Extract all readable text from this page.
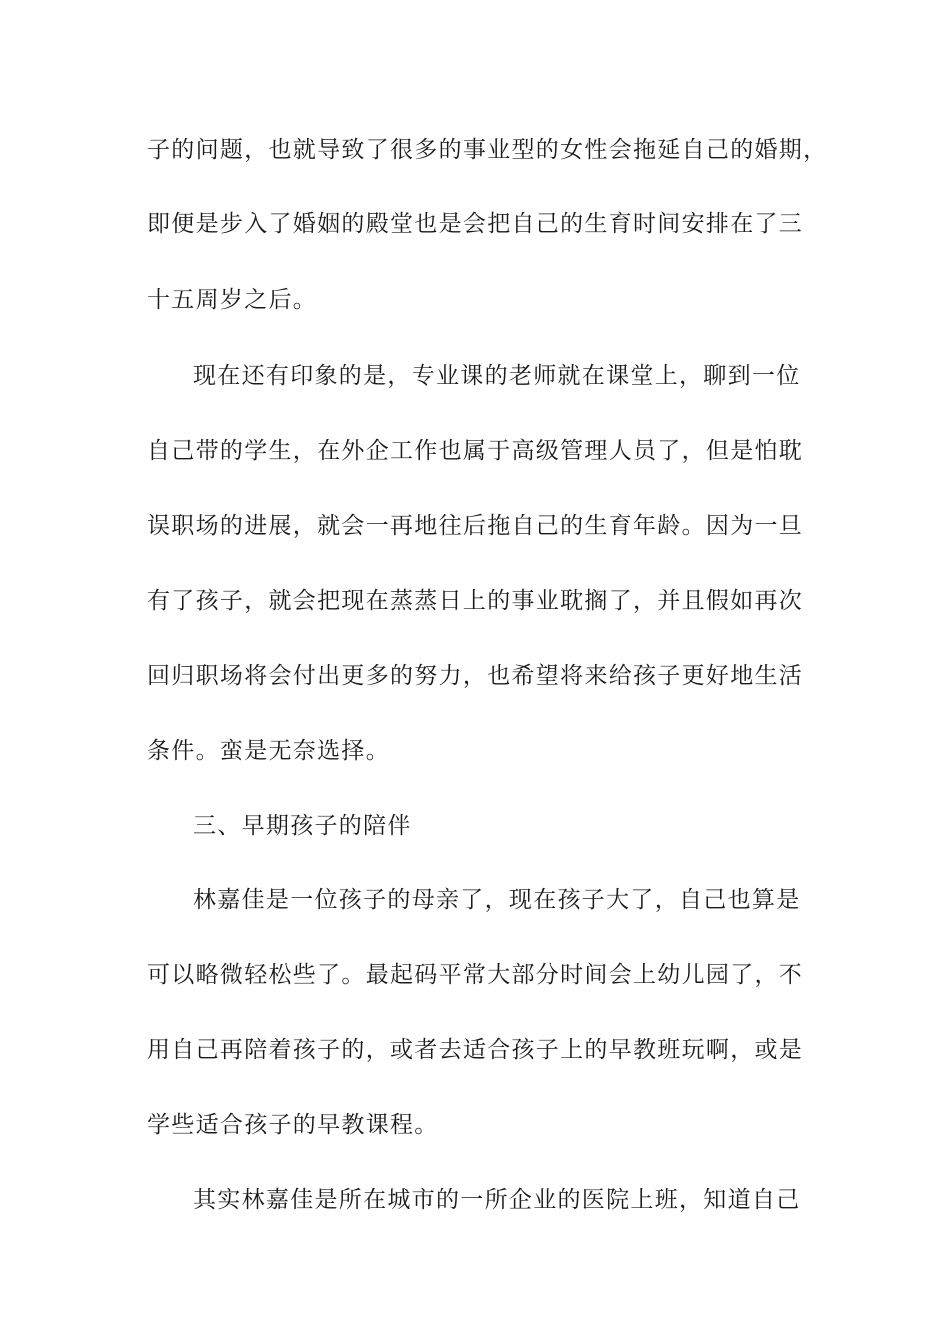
子的问题，也就导致了很多的事业型的女性会拖延自己的婚期，
即便是步入了婚姻的殿堂也是会把自己的生育时间安排在了三
十五周岁之后。
现在还有印象的是，专业课的老师就在课堂上，聊到一位
自己带的学生，在外企工作也属于高级管理人员了，但是怕耽
误职场的进展，就会一再地往后拖自己的生育年龄。因为一旦
有了孩子，就会把现在蒸蒸日上的事业耽搁了，并且假如再次
回归职场将会付出更多的努力，也希望将来给孩子更好地生活
条件。蛮是无奈选择。
三、早期孩子的陪伴
林嘉佳是一位孩子的母亲了，现在孩子大了，自己也算是
可以略微轻松些了。最起码平常大部分时间会上幼儿园了，不
用自己再陪着孩子的，或者去适合孩子上的早教班玩啊，或是
学些适合孩子的早教课程。
其实林嘉佳是所在城市的一所企业的医院上班，知道自己
